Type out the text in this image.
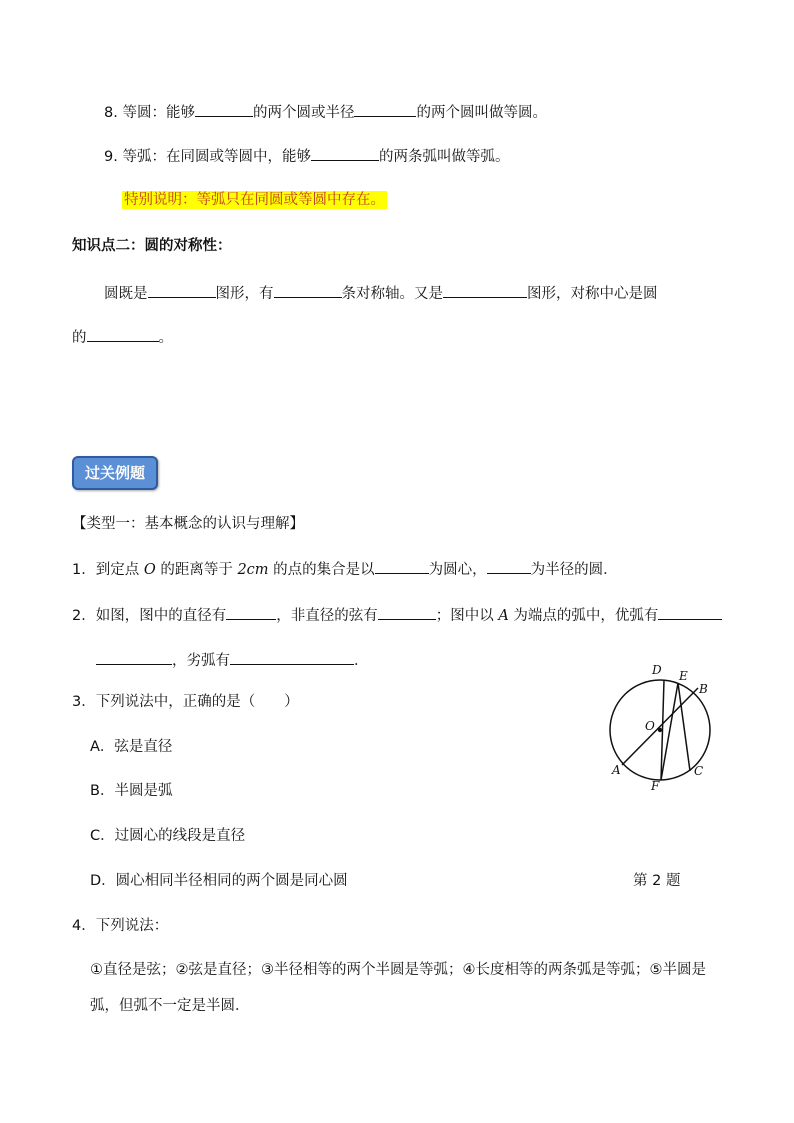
8. 等圆：能够	的两个圆或半径	的两个圆叫做等圆。
9. 等弧：在同圆或等圆中，能够	的两条弧叫做等弧。
特别说明：等弧只在同圆或等圆中存在。
知识点二：圆的对称性：
圆既是	图形，有	条对称轴。又是	图形，对称中心是圆
的	。
过关例题
【类型一：基本概念的认识与理解】
1．到定点 O 的距离等于 2cm 的点的集合是以	为圆心，	为半径的圆．
2．如图，图中的直径有	，非直径的弦有	；图中以 A 为端点的弧中，优弧有
，劣弧有	．
3．下列说法中，正确的是（　　）
A．弦是直径
B．半圆是弧
C．过圆心的线段是直径
D．圆心相同半径相同的两个圆是同心圆
D E
B
O
A
F
C
第 2 题
4．下列说法：
①直径是弦；②弦是直径；③半径相等的两个半圆是等弧；④长度相等的两条弧是等弧；⑤半圆是
弧，但弧不一定是半圆．
